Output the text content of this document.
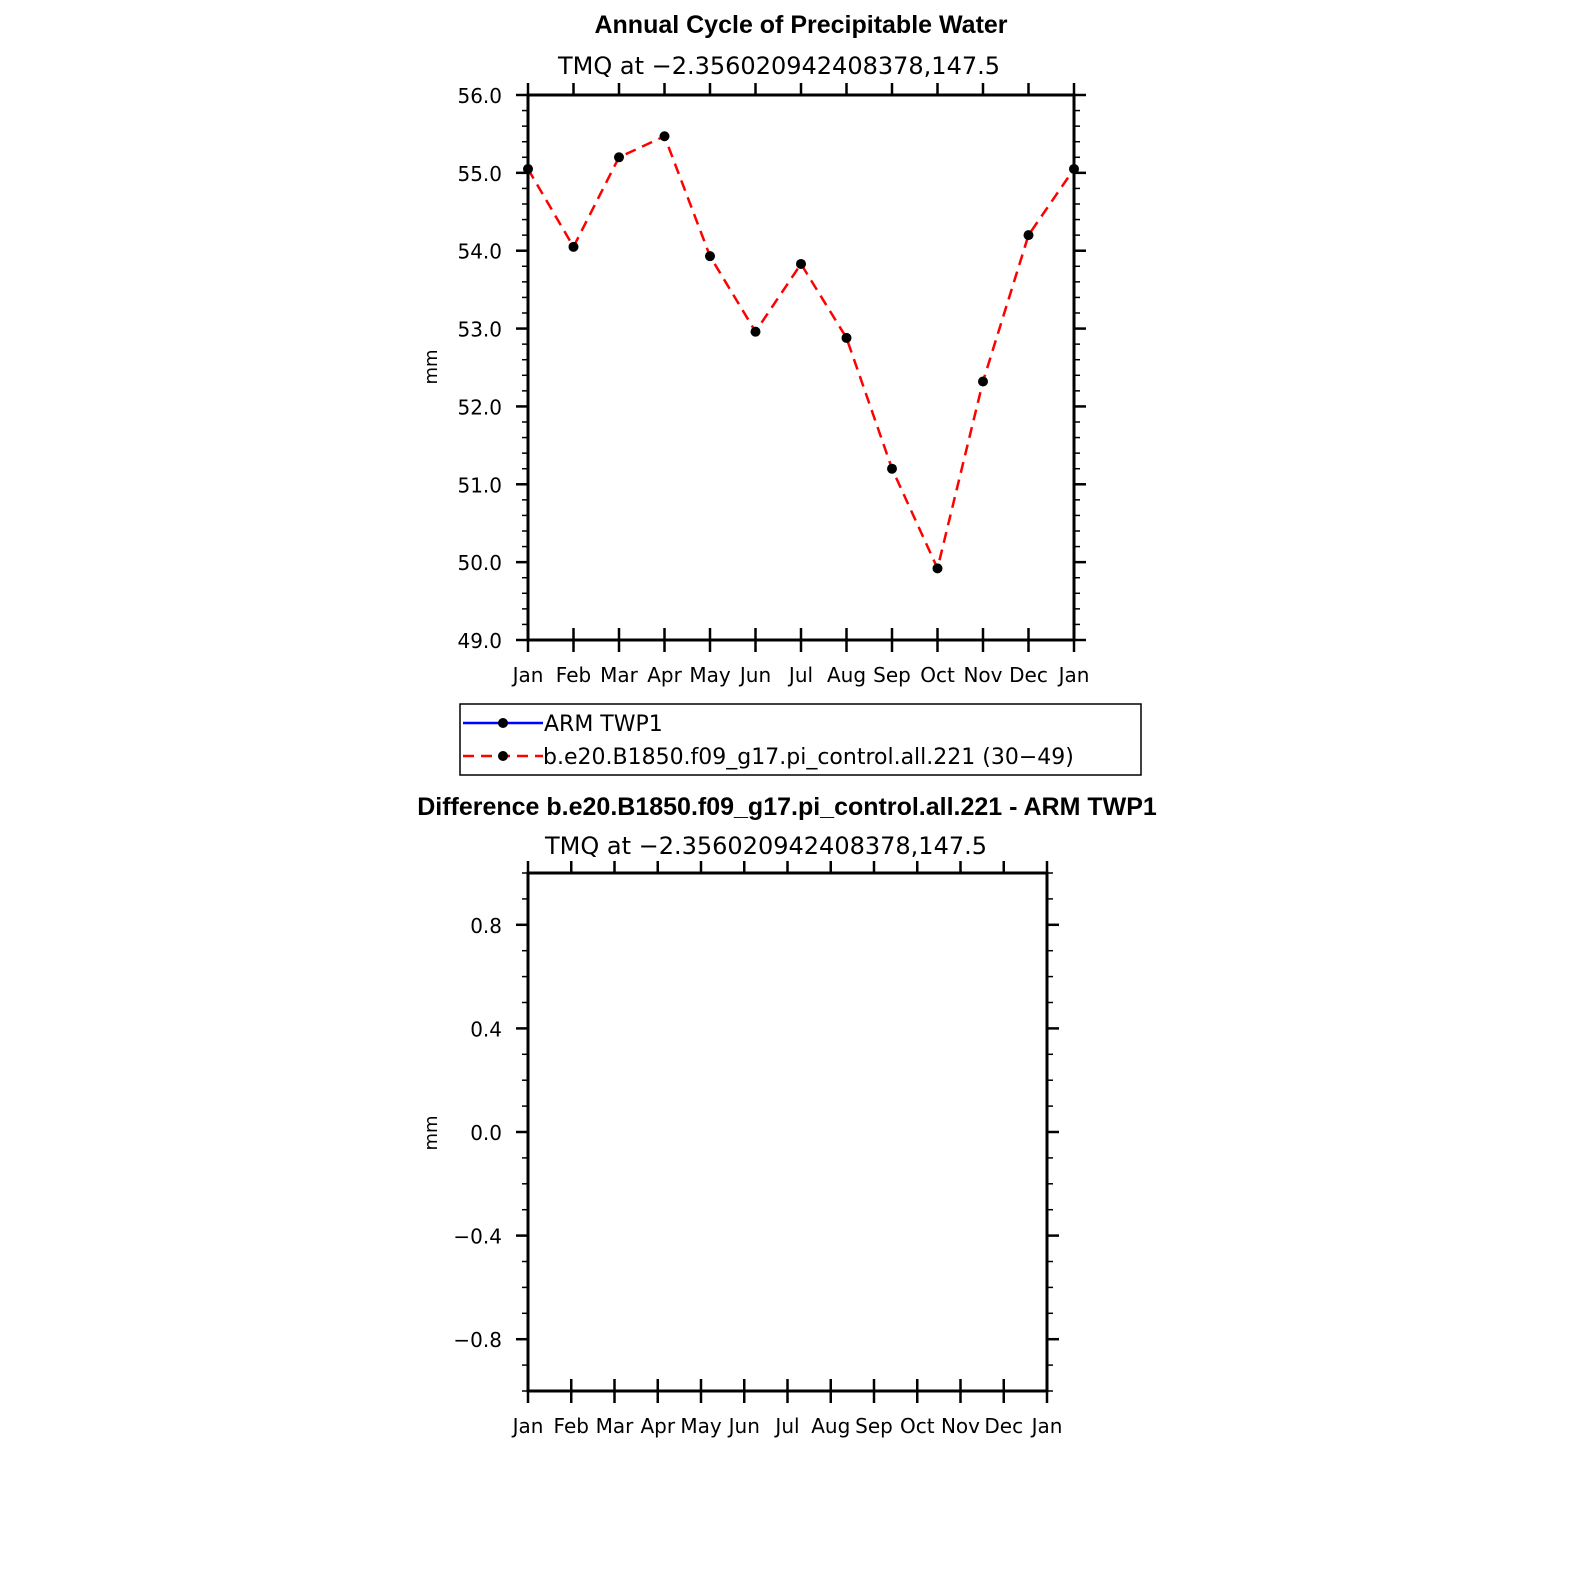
Annual Cycle of Precipitable Water
TMQ at −2.356020942408378,147.5
mm
49.0
50.0
51.0
52.0
53.0
54.0
55.0
56.0
Jan Feb Mar Apr May Jun Jul Aug Sep Oct Nov Dec Jan
ARM TWP1
b.e20.B1850.f09_g17.pi_control.all.221 (30−49)
Difference b.e20.B1850.f09_g17.pi_control.all.221 - ARM TWP1
TMQ at −2.356020942408378,147.5
mm
−0.8
−0.4
0.0
0.4
0.8
Jan Feb Mar Apr May Jun Jul Aug Sep Oct Nov Dec Jan
